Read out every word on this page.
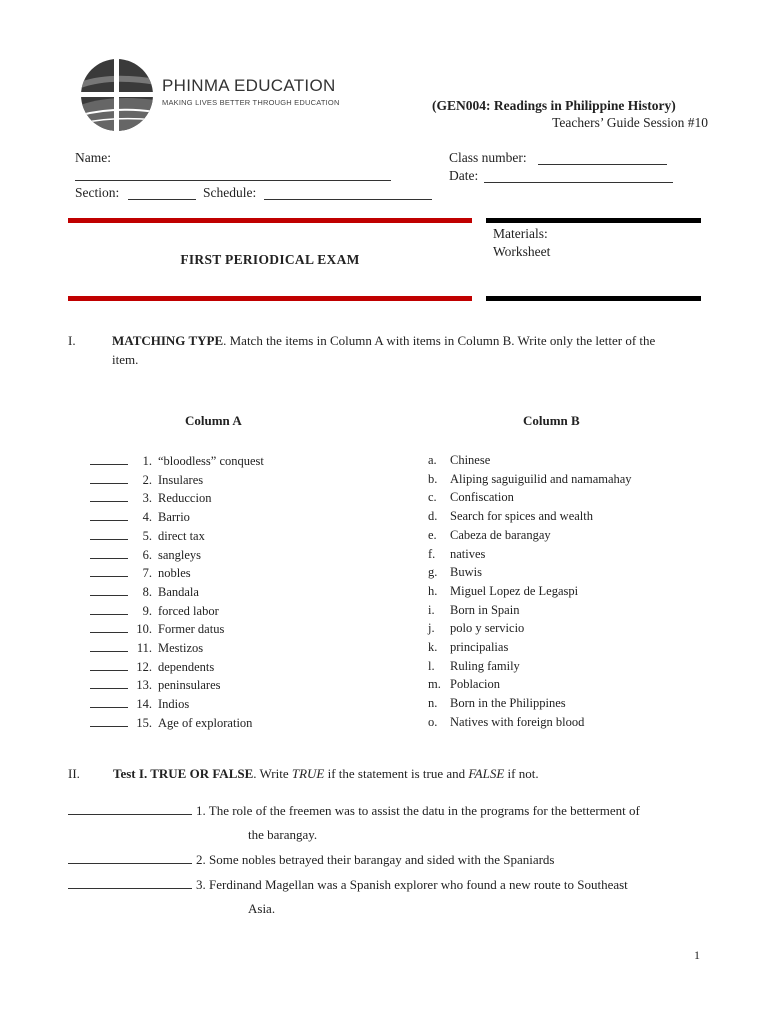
PHINMA EDUCATION
MAKING LIVES BETTER THROUGH EDUCATION	(GEN004: Readings in Philippine History)
Teachers’ Guide Session #10
Name:
Section:	Schedule:
Class number:
Date:
FIRST PERIODICAL EXAM
Materials:
Worksheet
I.	MATCHING TYPE. Match the items in Column A with items in Column B. Write only the letter of the
item.
Column A	Column B
1. “bloodless” conquest
2. Insulares
3. Reduccion
4. Barrio
5. direct tax
6. sangleys
7. nobles
8. Bandala
9. forced labor
10. Former datus
11. Mestizos
12. dependents
13. peninsulares
14. Indios
15. Age of exploration
a. Chinese
b. Aliping saguiguilid and namamahay
c. Confiscation
d. Search for spices and wealth
e. Cabeza de barangay
f. natives
g. Buwis
h. Miguel Lopez de Legaspi
i. Born in Spain
j. polo y servicio
k. principalias
l. Ruling family
m. Poblacion
n. Born in the Philippines
o. Natives with foreign blood
II.	Test I. TRUE OR FALSE. Write TRUE if the statement is true and FALSE if not.
1. The role of the freemen was to assist the datu in the programs for the betterment of
the barangay.
2. Some nobles betrayed their barangay and sided with the Spaniards
3. Ferdinand Magellan was a Spanish explorer who found a new route to Southeast
Asia.
1
